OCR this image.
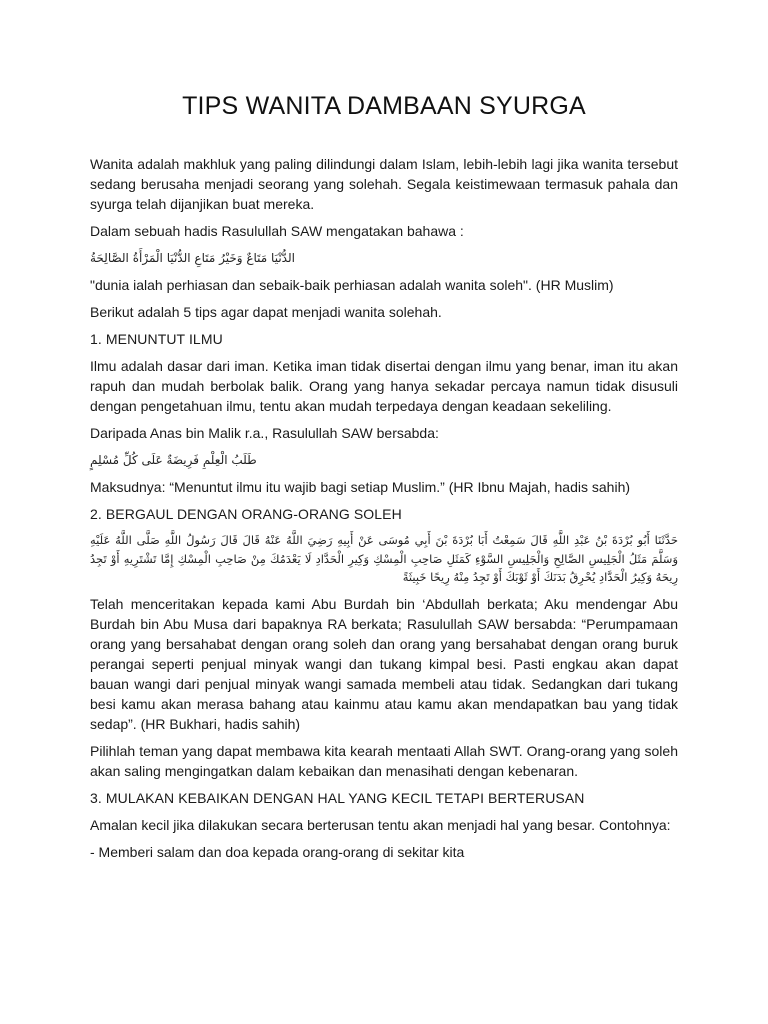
TIPS WANITA DAMBAAN SYURGA

Wanita adalah makhluk yang paling dilindungi dalam Islam, lebih-lebih lagi jika wanita tersebut sedang berusaha menjadi seorang yang solehah. Segala keistimewaan termasuk pahala dan syurga telah dijanjikan buat mereka.

Dalam sebuah hadis Rasulullah SAW mengatakan bahawa :

الدُّنْيَا مَتَاعٌ وَخَيْرُ مَتَاعِ الدُّنْيَا الْمَرْأَةُ الصَّالِحَةُ

"dunia ialah perhiasan dan sebaik-baik perhiasan adalah wanita soleh". (HR Muslim)

Berikut adalah 5 tips agar dapat menjadi wanita solehah.

1. MENUNTUT ILMU

Ilmu adalah dasar dari iman. Ketika iman tidak disertai dengan ilmu yang benar, iman itu akan rapuh dan mudah berbolak balik. Orang yang hanya sekadar percaya namun tidak disusuli dengan pengetahuan ilmu, tentu akan mudah terpedaya dengan keadaan sekeliling.

Daripada Anas bin Malik r.a., Rasulullah SAW bersabda:

طَلَبُ الْعِلْمِ فَرِيضَةٌ عَلَى كُلِّ مُسْلِمٍ

Maksudnya: “Menuntut ilmu itu wajib bagi setiap Muslim.” (HR Ibnu Majah, hadis sahih)

2. BERGAUL DENGAN ORANG-ORANG SOLEH

حَدَّثَنَا أَبُو بُرْدَةَ بْنُ عَبْدِ اللَّهِ قَالَ سَمِعْتُ أَبَا بُرْدَةَ بْنَ أَبِي مُوسَى عَنْ أَبِيهِ رَضِيَ اللَّهُ عَنْهُ قَالَ قَالَ رَسُولُ اللَّهِ صَلَّى اللَّهُ عَلَيْهِ وَسَلَّمَ مَثَلُ الْجَلِيسِ الصَّالِحِ وَالْجَلِيسِ السَّوْءِ كَمَثَلِ صَاحِبِ الْمِسْكِ وَكِيرِ الْحَدَّادِ لَا يَعْدَمُكَ مِنْ صَاحِبِ الْمِسْكِ إِمَّا تَشْتَرِيهِ أَوْ تَجِدُ رِيحَهُ وَكِيرُ الْحَدَّادِ يُحْرِقُ بَدَنَكَ أَوْ ثَوْبَكَ أَوْ تَجِدُ مِنْهُ رِيحًا خَبِيثَةً

Telah menceritakan kepada kami Abu Burdah bin ‘Abdullah berkata; Aku mendengar Abu Burdah bin Abu Musa dari bapaknya RA berkata; Rasulullah SAW bersabda: “Perumpamaan orang yang bersahabat dengan orang soleh dan orang yang bersahabat dengan orang buruk perangai seperti penjual minyak wangi dan tukang kimpal besi. Pasti engkau akan dapat bauan wangi dari penjual minyak wangi samada membeli atau tidak. Sedangkan dari tukang besi kamu akan merasa bahang atau kainmu atau kamu akan mendapatkan bau yang tidak sedap”. (HR Bukhari, hadis sahih)

Pilihlah teman yang dapat membawa kita kearah mentaati Allah SWT. Orang-orang yang soleh akan saling mengingatkan dalam kebaikan dan menasihati dengan kebenaran.

3. MULAKAN KEBAIKAN DENGAN HAL YANG KECIL TETAPI BERTERUSAN

Amalan kecil jika dilakukan secara berterusan tentu akan menjadi hal yang besar. Contohnya:

- Memberi salam dan doa kepada orang-orang di sekitar kita
